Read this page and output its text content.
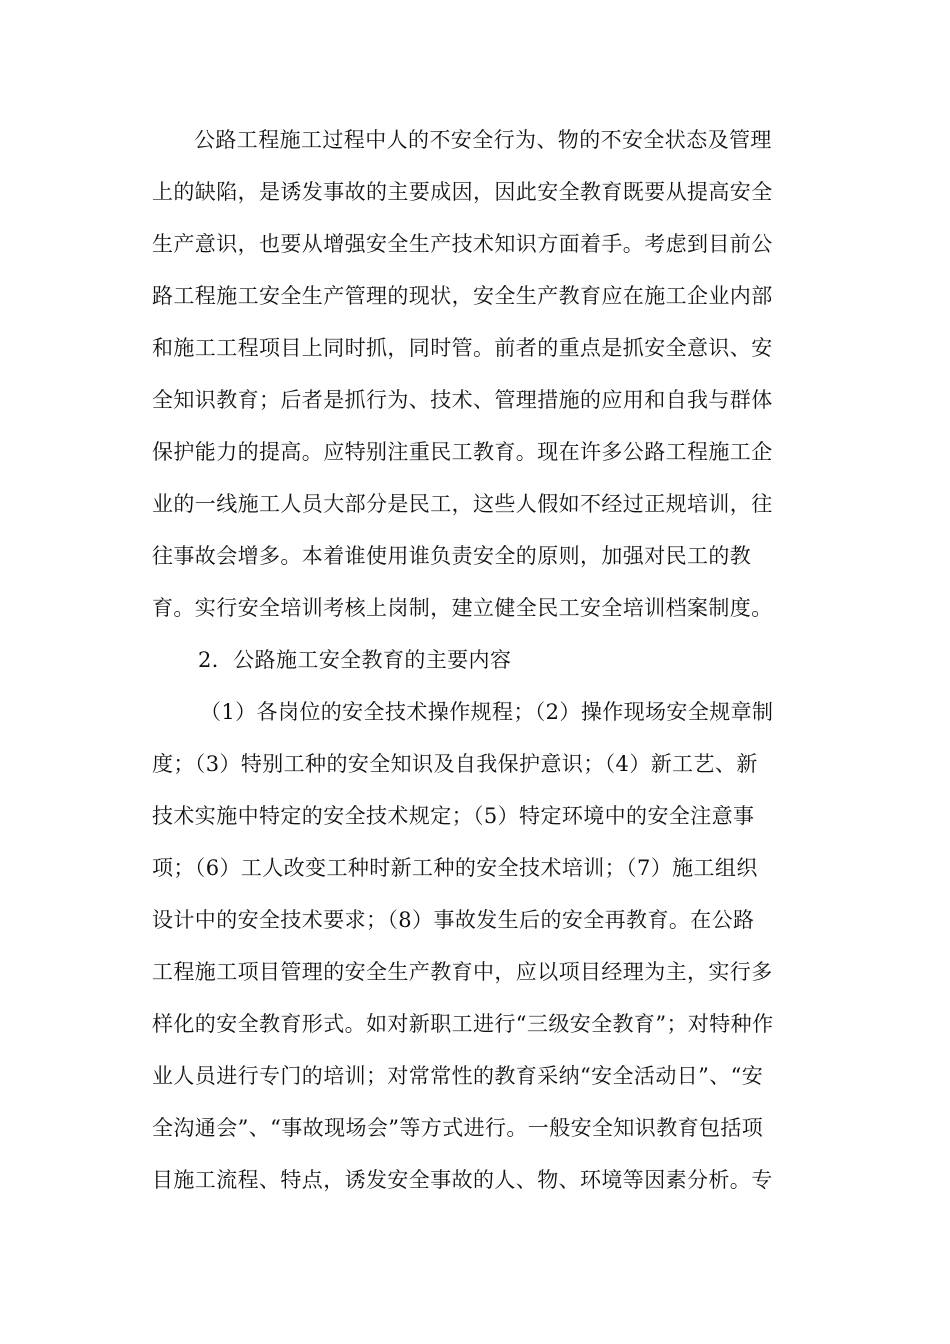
公路工程施工过程中人的不安全行为、物的不安全状态及管理
上的缺陷，是诱发事故的主要成因，因此安全教育既要从提高安全
生产意识，也要从增强安全生产技术知识方面着手。考虑到目前公
路工程施工安全生产管理的现状，安全生产教育应在施工企业内部
和施工工程项目上同时抓，同时管。前者的重点是抓安全意识、安
全知识教育；后者是抓行为、技术、管理措施的应用和自我与群体
保护能力的提高。应特别注重民工教育。现在许多公路工程施工企
业的一线施工人员大部分是民工，这些人假如不经过正规培训，往
往事故会增多。本着谁使用谁负责安全的原则，加强对民工的教
育。实行安全培训考核上岗制，建立健全民工安全培训档案制度。

2．公路施工安全教育的主要内容

（1）各岗位的安全技术操作规程；（2）操作现场安全规章制
度；（3）特别工种的安全知识及自我保护意识；（4）新工艺、新
技术实施中特定的安全技术规定；（5）特定环境中的安全注意事
项；（6）工人改变工种时新工种的安全技术培训；（7）施工组织
设计中的安全技术要求；（8）事故发生后的安全再教育。在公路
工程施工项目管理的安全生产教育中，应以项目经理为主，实行多
样化的安全教育形式。如对新职工进行“三级安全教育”；对特种作
业人员进行专门的培训；对常常性的教育采纳“安全活动日”、“安
全沟通会”、“事故现场会”等方式进行。一般安全知识教育包括项
目施工流程、特点，诱发安全事故的人、物、环境等因素分析。专
